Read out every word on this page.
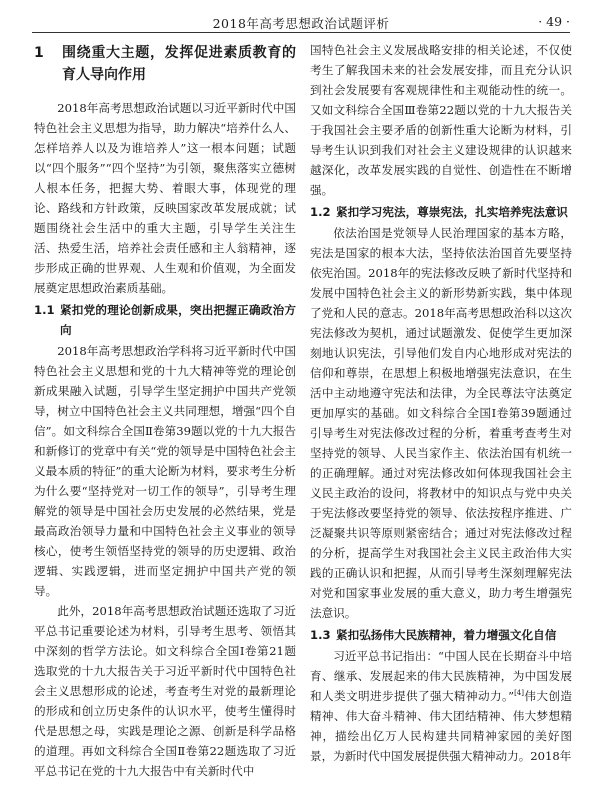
2018年高考思想政治试题评析	· 49 ·
1	围绕重大主题，发挥促进素质教育的育人导向作用

2018年高考思想政治试题以习近平新时代中国特色社会主义思想为指导，助力解决“培养什么人、怎样培养人以及为谁培养人”这一根本问题；试题以“四个服务”“四个坚持”为引领，聚焦落实立德树人根本任务，把握大势、着眼大事，体现党的理论、路线和方针政策，反映国家改革发展成就；试题围绕社会生活中的重大主题，引导学生关注生活、热爱生活，培养社会责任感和主人翁精神，逐步形成正确的世界观、人生观和价值观，为全面发展奠定思想政治素质基础。

1.1 紧扣党的理论创新成果，突出把握正确政治方向

2018年高考思想政治学科将习近平新时代中国特色社会主义思想和党的十九大精神等党的理论创新成果融入试题，引导学生坚定拥护中国共产党领导，树立中国特色社会主义共同理想，增强“四个自信”。如文科综合全国Ⅱ卷第39题以党的十九大报告和新修订的党章中有关“党的领导是中国特色社会主义最本质的特征”的重大论断为材料，要求考生分析为什么要“坚持党对一切工作的领导”，引导考生理解党的领导是中国社会历史发展的必然结果，党是最高政治领导力量和中国特色社会主义事业的领导核心，使考生领悟坚持党的领导的历史逻辑、政治逻辑、实践逻辑，进而坚定拥护中国共产党的领导。

此外，2018年高考思想政治试题还选取了习近平总书记重要论述为材料，引导考生思考、领悟其中深刻的哲学方法论。如文科综合全国Ⅰ卷第21题选取党的十九大报告关于习近平新时代中国特色社会主义思想形成的论述，考查考生对党的最新理论的形成和创立历史条件的认识水平，使考生懂得时代是思想之母，实践是理论之源、创新是科学品格的道理。再如文科综合全国Ⅱ卷第22题选取了习近平总书记在党的十九大报告中有关新时代中

国特色社会主义发展战略安排的相关论述，不仅使考生了解我国未来的社会发展安排，而且充分认识到社会发展要有客观规律性和主观能动性的统一。又如文科综合全国Ⅲ卷第22题以党的十九大报告关于我国社会主要矛盾的创新性重大论断为材料，引导考生认识到我们对社会主义建设规律的认识越来越深化，改革发展实践的自觉性、创造性在不断增强。

1.2 紧扣学习宪法，尊崇宪法，扎实培养宪法意识

依法治国是党领导人民治理国家的基本方略，宪法是国家的根本大法，坚持依法治国首先要坚持依宪治国。2018年的宪法修改反映了新时代坚持和发展中国特色社会主义的新形势新实践，集中体现了党和人民的意志。2018年高考思想政治科以这次宪法修改为契机，通过试题激发、促使学生更加深刻地认识宪法，引导他们发自内心地形成对宪法的信仰和尊崇，在思想上积极地增强宪法意识，在生活中主动地遵守宪法和法律，为全民尊法守法奠定更加厚实的基础。如文科综合全国Ⅰ卷第39题通过引导考生对宪法修改过程的分析，着重考查考生对坚持党的领导、人民当家作主、依法治国有机统一的正确理解。通过对宪法修改如何体现我国社会主义民主政治的设问，将教材中的知识点与党中央关于宪法修改要坚持党的领导、依法按程序推进、广泛凝聚共识等原则紧密结合；通过对宪法修改过程的分析，提高学生对我国社会主义民主政治伟大实践的正确认识和把握，从而引导考生深刻理解宪法对党和国家事业发展的重大意义，助力考生增强宪法意识。

1.3 紧扣弘扬伟大民族精神，着力增强文化自信

习近平总书记指出：“中国人民在长期奋斗中培育、继承、发展起来的伟大民族精神，为中国发展和人类文明进步提供了强大精神动力。”[4]伟大创造精神、伟大奋斗精神、伟大团结精神、伟大梦想精神，描绘出亿万人民构建共同精神家园的美好图景，为新时代中国发展提供强大精神动力。2018年
